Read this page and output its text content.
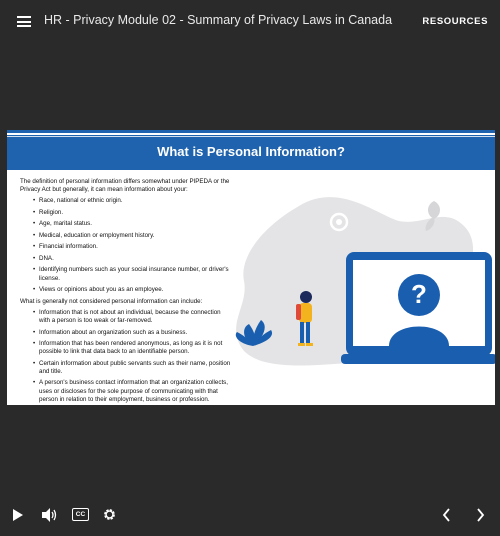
HR - Privacy Module 02 - Summary of Privacy Laws in Canada	RESOURCES
What is Personal Information?

The definition of personal information differs somewhat under PIPEDA or the Privacy Act but generally, it can mean information about your:

• Race, national or ethnic origin.
• Religion.
• Age, marital status.
• Medical, education or employment history.
• Financial information.
• DNA.
• Identifying numbers such as your social insurance number, or driver's license.
• Views or opinions about you as an employee.

What is generally not considered personal information can include:

• Information that is not about an individual, because the connection with a person is too weak or far-removed.
• Information about an organization such as a business.
• Information that has been rendered anonymous, as long as it is not possible to link that data back to an identifiable person.
• Certain information about public servants such as their name, position and title.
• A person's business contact information that an organization collects, uses or discloses for the sole purpose of communicating with that person in relation to their employment, business or profession.
?
CC
